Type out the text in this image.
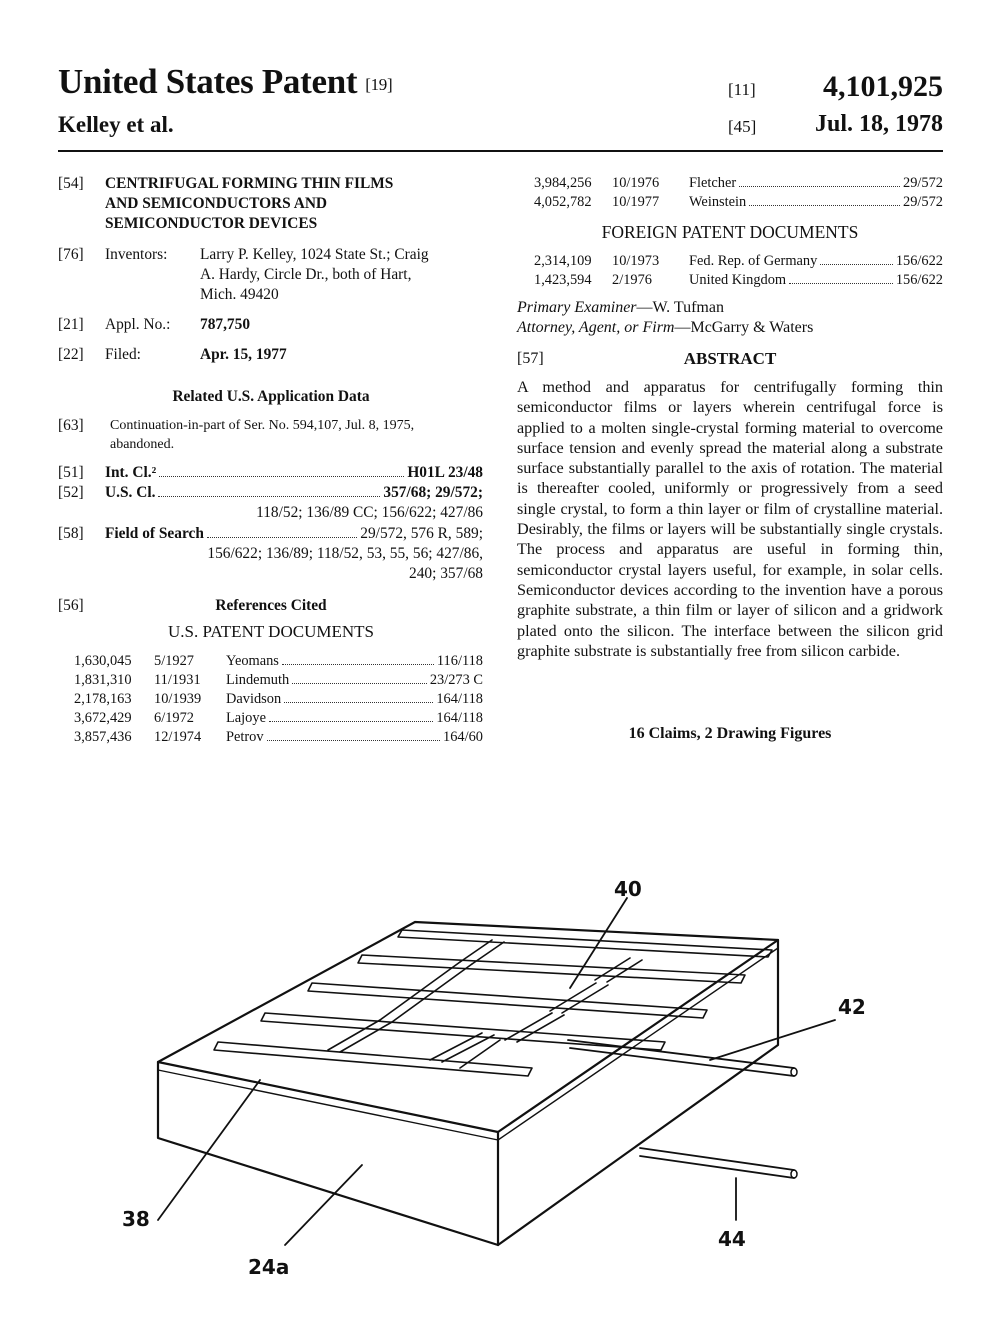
United States Patent [19]
Kelley et al.
[11]	4,101,925
[45]	Jul. 18, 1978
[54] CENTRIFUGAL FORMING THIN FILMS
AND SEMICONDUCTORS AND
SEMICONDUCTOR DEVICES
[76] Inventors: Larry P. Kelley, 1024 State St.; Craig
A. Hardy, Circle Dr., both of Hart,
Mich. 49420
[21] Appl. No.: 787,750
[22] Filed:	Apr. 15, 1977
Related U.S. Application Data
[63] Continuation-in-part of Ser. No. 594,107, Jul. 8, 1975,
abandoned.
[51] Int. Cl.²	H01L 23/48
[52] U.S. Cl.	357/68; 29/572;
118/52; 136/89 CC; 156/622; 427/86
[58] Field of Search	29/572, 576 R, 589;
156/622; 136/89; 118/52, 53, 55, 56; 427/86,
240; 357/68
[56]	References Cited
U.S. PATENT DOCUMENTS
1,630,045	5/1927	Yeomans	116/118
1,831,310	11/1931	Lindemuth	23/273 C
2,178,163	10/1939	Davidson	164/118
3,672,429	6/1972	Lajoye	164/118
3,857,436	12/1974	Petrov	164/60
3,984,256	10/1976	Fletcher	29/572
4,052,782	10/1977	Weinstein	29/572
FOREIGN PATENT DOCUMENTS
2,314,109	10/1973	Fed. Rep. of Germany	156/622
1,423,594	2/1976	United Kingdom	156/622
Primary Examiner—W. Tufman
Attorney, Agent, or Firm—McGarry & Waters
[57]	ABSTRACT

A method and apparatus for centrifugally forming thin semiconductor films or layers wherein centrifugal force is applied to a molten single-crystal forming material to overcome surface tension and evenly spread the material along a substrate surface substantially parallel to the axis of rotation. The material is thereafter cooled, uniformly or progressively from a seed single crystal, to form a thin layer or film of crystalline material. Desirably, the films or layers will be substantially single crystals. The process and apparatus are useful in forming thin, semiconductor crystal layers useful, for example, in solar cells. Semiconductor devices according to the invention have a porous graphite substrate, a thin film or layer of silicon and a gridwork plated onto the silicon. The interface between the silicon grid graphite substrate is substantially free from silicon carbide.

16 Claims, 2 Drawing Figures
40
42
44
38
24a
